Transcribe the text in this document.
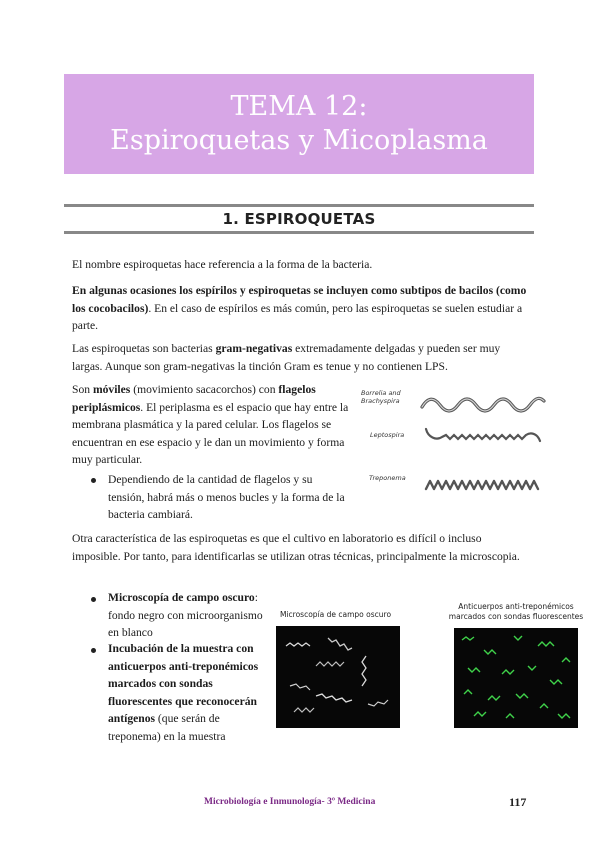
TEMA 12:
Espiroquetas y Micoplasma
1. ESPIROQUETAS

El nombre espiroquetas hace referencia a la forma de la bacteria.

En algunas ocasiones los espírilos y espiroquetas se incluyen como subtipos de bacilos (como los cocobacilos). En el caso de espírilos es más común, pero las espiroquetas se suelen estudiar a parte.

Las espiroquetas son bacterias gram-negativas extremadamente delgadas y pueden ser muy largas. Aunque son gram-negativas la tinción Gram es tenue y no contienen LPS.

Son móviles (movimiento sacacorchos) con flagelos periplásmicos. El periplasma es el espacio que hay entre la membrana plasmática y la pared celular. Los flagelos se encuentran en ese espacio y le dan un movimiento y forma muy particular.

Dependiendo de la cantidad de flagelos y su tensión, habrá más o menos bucles y la forma de la bacteria cambiará.
Borrelia and Brachyspira
Leptospira
Treponema

Otra característica de las espiroquetas es que el cultivo en laboratorio es difícil o incluso imposible. Por tanto, para identificarlas se utilizan otras técnicas, principalmente la microscopia.

Microscopía de campo oscuro: fondo negro con microorganismo en blanco
Incubación de la muestra con anticuerpos anti-treponémicos marcados con sondas fluorescentes que reconocerán antígenos (que serán de treponema) en la muestra
Microscopía de campo oscuro
Anticuerpos anti-treponémicos marcados con sondas fluorescentes
Microbiología e Inmunología- 3º Medicina	117
